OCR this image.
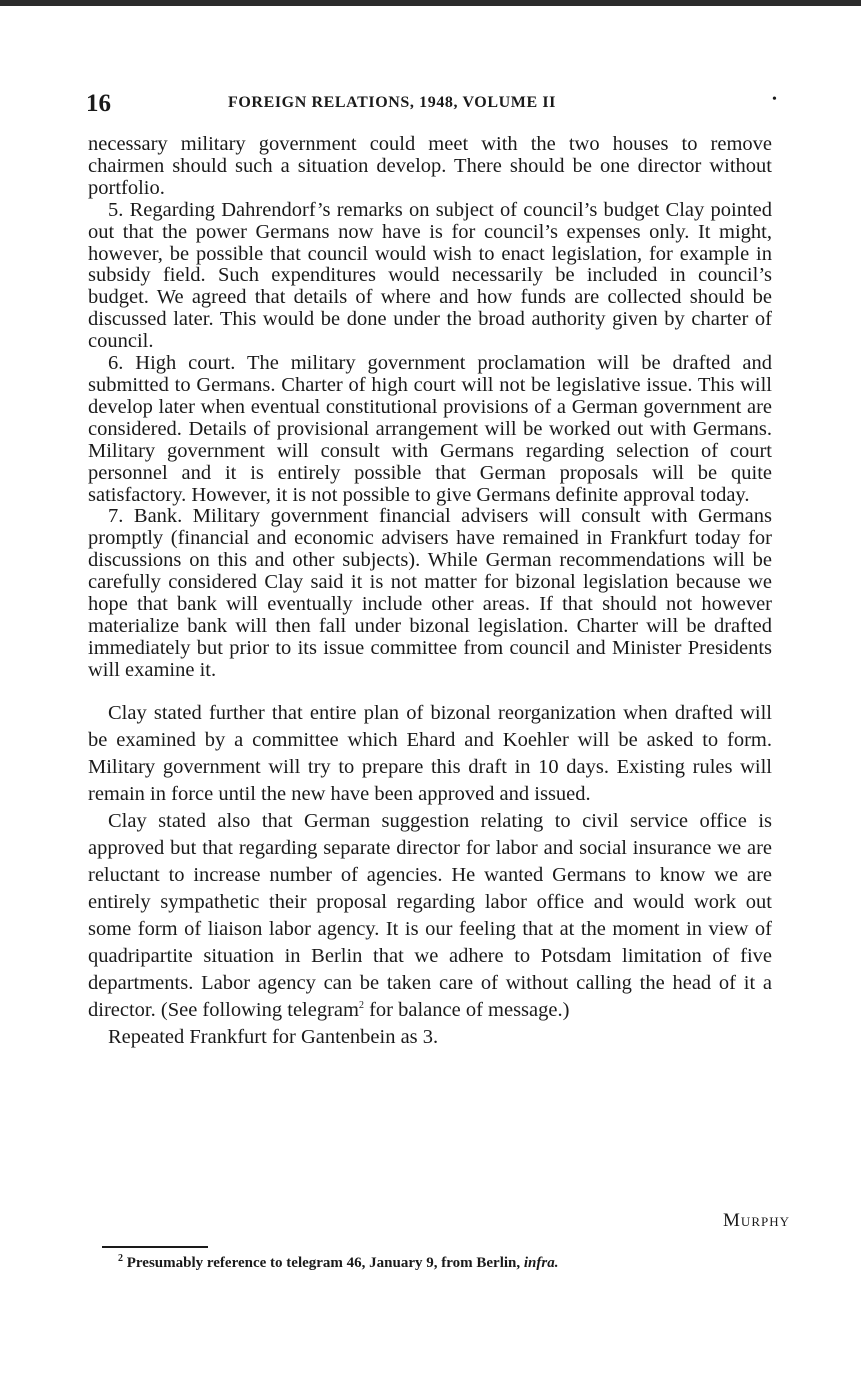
16	FOREIGN RELATIONS, 1948, VOLUME II	•

necessary military government could meet with the two houses to remove chairmen should such a situation develop. There should be one director without portfolio.

5. Regarding Dahrendorf’s remarks on subject of council’s budget Clay pointed out that the power Germans now have is for council’s expenses only. It might, however, be possible that council would wish to enact legislation, for example in subsidy field. Such expenditures would necessarily be included in council’s budget. We agreed that details of where and how funds are collected should be discussed later. This would be done under the broad authority given by charter of council.

6. High court. The military government proclamation will be drafted and submitted to Germans. Charter of high court will not be legislative issue. This will develop later when eventual constitutional provisions of a German government are considered. Details of provisional arrangement will be worked out with Germans. Military government will consult with Germans regarding selection of court personnel and it is entirely possible that German proposals will be quite satisfactory. However, it is not possible to give Germans definite approval today.

7. Bank. Military government financial advisers will consult with Germans promptly (financial and economic advisers have remained in Frankfurt today for discussions on this and other subjects). While German recommendations will be carefully considered Clay said it is not matter for bizonal legislation because we hope that bank will eventually include other areas. If that should not however materialize bank will then fall under bizonal legislation. Charter will be drafted immediately but prior to its issue committee from council and Minister Presidents will examine it.

Clay stated further that entire plan of bizonal reorganization when drafted will be examined by a committee which Ehard and Koehler will be asked to form. Military government will try to prepare this draft in 10 days. Existing rules will remain in force until the new have been approved and issued.

Clay stated also that German suggestion relating to civil service office is approved but that regarding separate director for labor and social insurance we are reluctant to increase number of agencies. He wanted Germans to know we are entirely sympathetic their proposal regarding labor office and would work out some form of liaison labor agency. It is our feeling that at the moment in view of quadripartite situation in Berlin that we adhere to Potsdam limitation of five departments. Labor agency can be taken care of without calling the head of it a director. (See following telegram$^2$ for balance of message.)

Repeated Frankfurt for Gantenbein as 3.

Murphy
$^2$ Presumably reference to telegram 46, January 9, from Berlin, infra.
